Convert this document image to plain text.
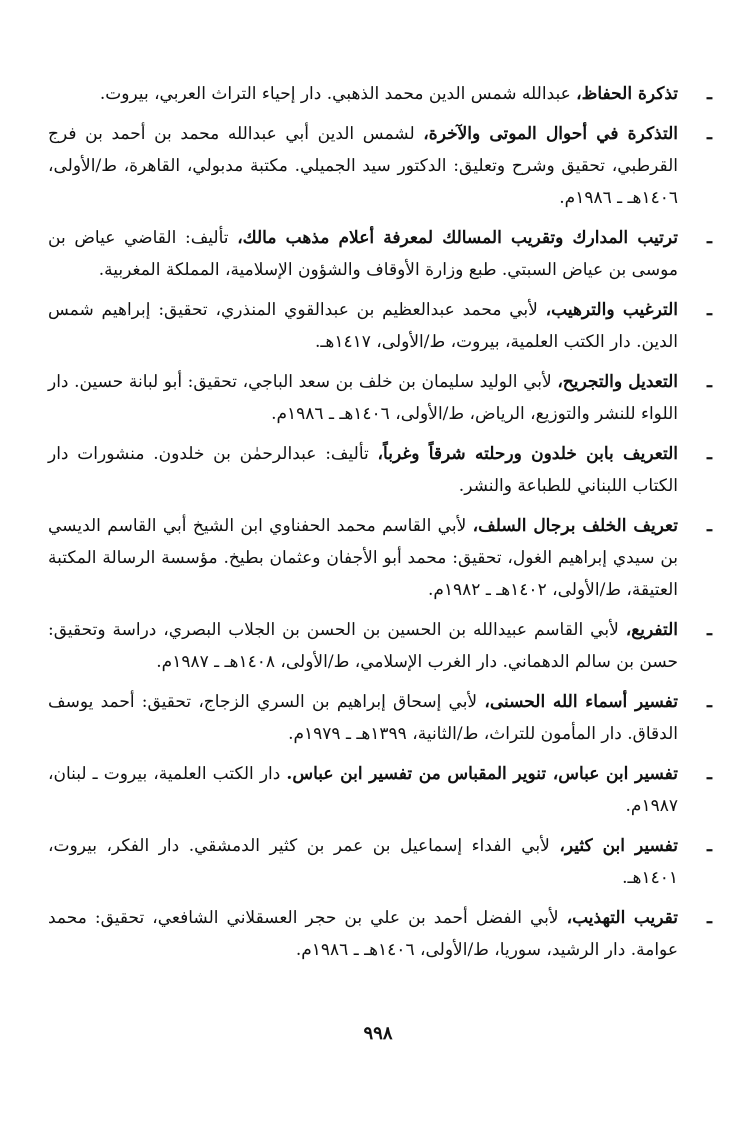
ـ
تذكرة الحفاظ، عبدالله شمس الدين محمد الذهبي. دار إحياء التراث العربي، بيروت.
ـ
التذكرة في أحوال الموتى والآخرة، لشمس الدين أبي عبدالله محمد بن أحمد بن فرج القرطبي، تحقيق وشرح وتعليق: الدكتور سيد الجميلي. مكتبة مدبولي، القاهرة، ط/الأولى، ١٤٠٦هـ ـ ١٩٨٦م.
ـ
ترتيب المدارك وتقريب المسالك لمعرفة أعلام مذهب مالك، تأليف: القاضي عياض بن موسى بن عياض السبتي. طبع وزارة الأوقاف والشؤون الإسلامية، المملكة المغربية.
ـ
الترغيب والترهيب، لأبي محمد عبدالعظيم بن عبدالقوي المنذري، تحقيق: إبراهيم شمس الدين. دار الكتب العلمية، بيروت، ط/الأولى، ١٤١٧هـ.
ـ
التعديل والتجريح، لأبي الوليد سليمان بن خلف بن سعد الباجي، تحقيق: أبو لبانة حسين. دار اللواء للنشر والتوزيع، الرياض، ط/الأولى، ١٤٠٦هـ ـ ١٩٨٦م.
ـ
التعريف بابن خلدون ورحلته شرقاً وغرباً، تأليف: عبدالرحمٰن بن خلدون. منشورات دار الكتاب اللبناني للطباعة والنشر.
ـ
تعريف الخلف برجال السلف، لأبي القاسم محمد الحفناوي ابن الشيخ أبي القاسم الديسي بن سيدي إبراهيم الغول، تحقيق: محمد أبو الأجفان وعثمان بطيخ. مؤسسة الرسالة المكتبة العتيقة، ط/الأولى، ١٤٠٢هـ ـ ١٩٨٢م.
ـ
التفريع، لأبي القاسم عبيدالله بن الحسين بن الحسن بن الجلاب البصري، دراسة وتحقيق: حسن بن سالم الدهماني. دار الغرب الإسلامي، ط/الأولى، ١٤٠٨هـ ـ ١٩٨٧م.
ـ
تفسير أسماء الله الحسنى، لأبي إسحاق إبراهيم بن السري الزجاج، تحقيق: أحمد يوسف الدقاق. دار المأمون للتراث، ط/الثانية، ١٣٩٩هـ ـ ١٩٧٩م.
ـ
تفسير ابن عباس، تنوير المقباس من تفسير ابن عباس. دار الكتب العلمية، بيروت ـ لبنان، ١٩٨٧م.
ـ
تفسير ابن كثير، لأبي الفداء إسماعيل بن عمر بن كثير الدمشقي. دار الفكر، بيروت، ١٤٠١هـ.
ـ
تقريب التهذيب، لأبي الفضل أحمد بن علي بن حجر العسقلاني الشافعي، تحقيق: محمد عوامة. دار الرشيد، سوريا، ط/الأولى، ١٤٠٦هـ ـ ١٩٨٦م.
٩٩٨
